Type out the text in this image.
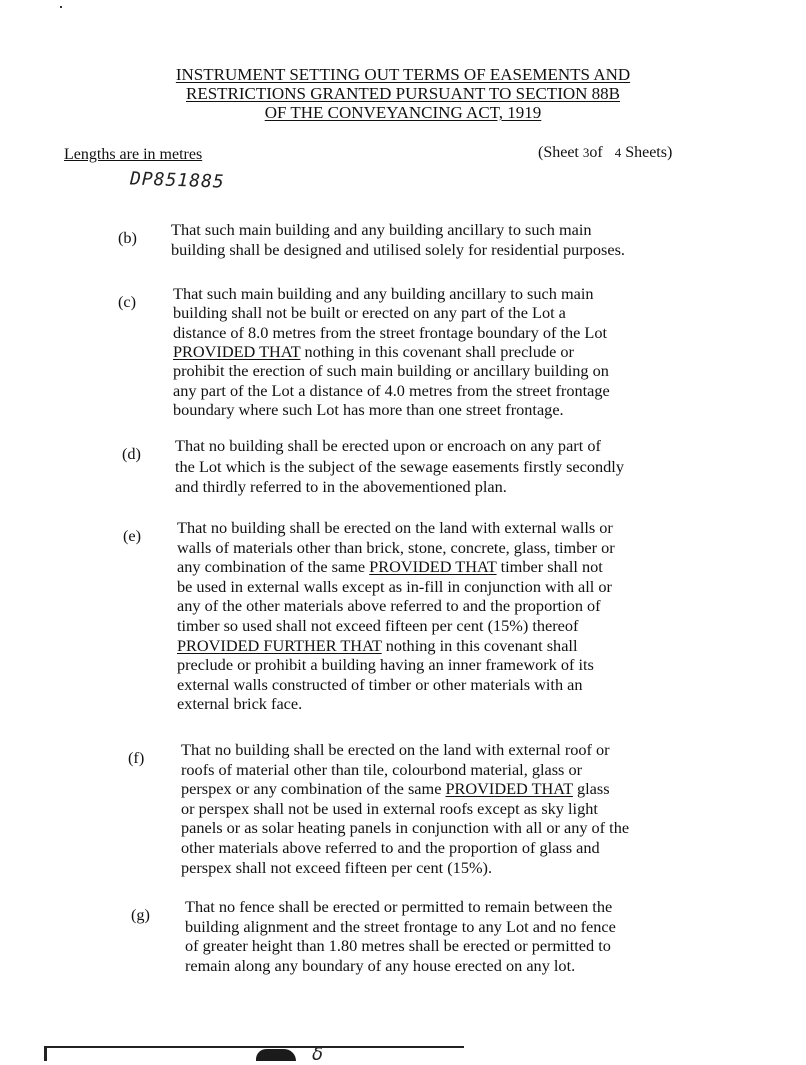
INSTRUMENT SETTING OUT TERMS OF EASEMENTS AND
RESTRICTIONS GRANTED PURSUANT TO SECTION 88B
OF THE CONVEYANCING ACT, 1919
Lengths are in metres	(Sheet 3of 4 Sheets)
DP851885
(b) That such main building and any building ancillary to such main
building shall be designed and utilised solely for residential purposes.
(c) That such main building and any building ancillary to such main
building shall not be built or erected on any part of the Lot a
distance of 8.0 metres from the street frontage boundary of the Lot
PROVIDED THAT nothing in this covenant shall preclude or
prohibit the erection of such main building or ancillary building on
any part of the Lot a distance of 4.0 metres from the street frontage
boundary where such Lot has more than one street frontage.
(d) That no building shall be erected upon or encroach on any part of
the Lot which is the subject of the sewage easements firstly secondly
and thirdly referred to in the abovementioned plan.
(e) That no building shall be erected on the land with external walls or
walls of materials other than brick, stone, concrete, glass, timber or
any combination of the same PROVIDED THAT timber shall not
be used in external walls except as in-fill in conjunction with all or
any of the other materials above referred to and the proportion of
timber so used shall not exceed fifteen per cent (15%) thereof
PROVIDED FURTHER THAT nothing in this covenant shall
preclude or prohibit a building having an inner framework of its
external walls constructed of timber or other materials with an
external brick face.
(f) That no building shall be erected on the land with external roof or
roofs of material other than tile, colourbond material, glass or
perspex or any combination of the same PROVIDED THAT glass
or perspex shall not be used in external roofs except as sky light
panels or as solar heating panels in conjunction with all or any of the
other materials above referred to and the proportion of glass and
perspex shall not exceed fifteen per cent (15%).
(g) That no fence shall be erected or permitted to remain between the
building alignment and the street frontage to any Lot and no fence
of greater height than 1.80 metres shall be erected or permitted to
remain along any boundary of any house erected on any lot.
δ
